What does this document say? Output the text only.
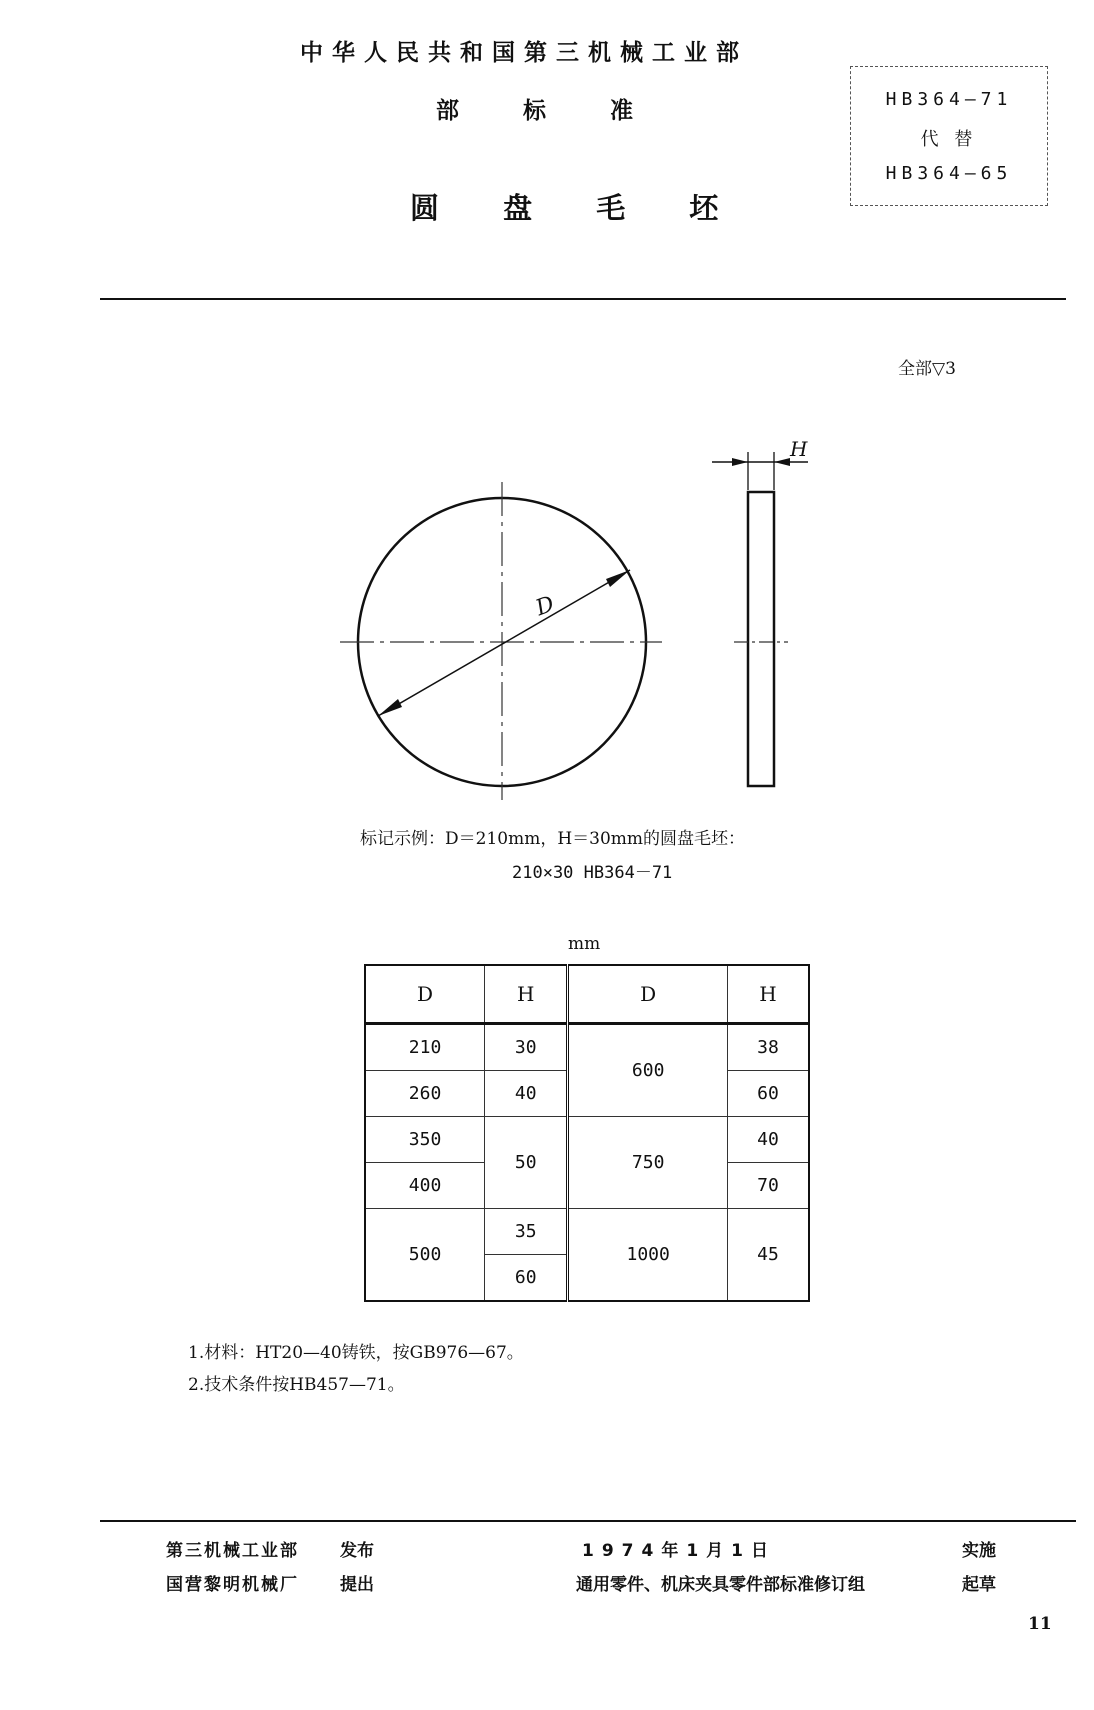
中华人民共和国第三机械工业部
部 标 准
圆 盘 毛 坯
HB364—71
代 替
HB364—65
全部▽3
D
H
标记示例：D＝210mm，H＝30mm的圆盘毛坯：
210×30 HB364－71
mm
D	H	D	H
210	30	600	38
260	40		60
350	50	750	40
400			70
500	35	1000	45
	60		
1.材料：HT20—40铸铁，按GB976—67。
2.技术条件按HB457—71。
第三机械工业部 发布	1974年1月1日	实施
国营黎明机械厂 提出	通用零件、机床夹具零件部标准修订组	起草
11
